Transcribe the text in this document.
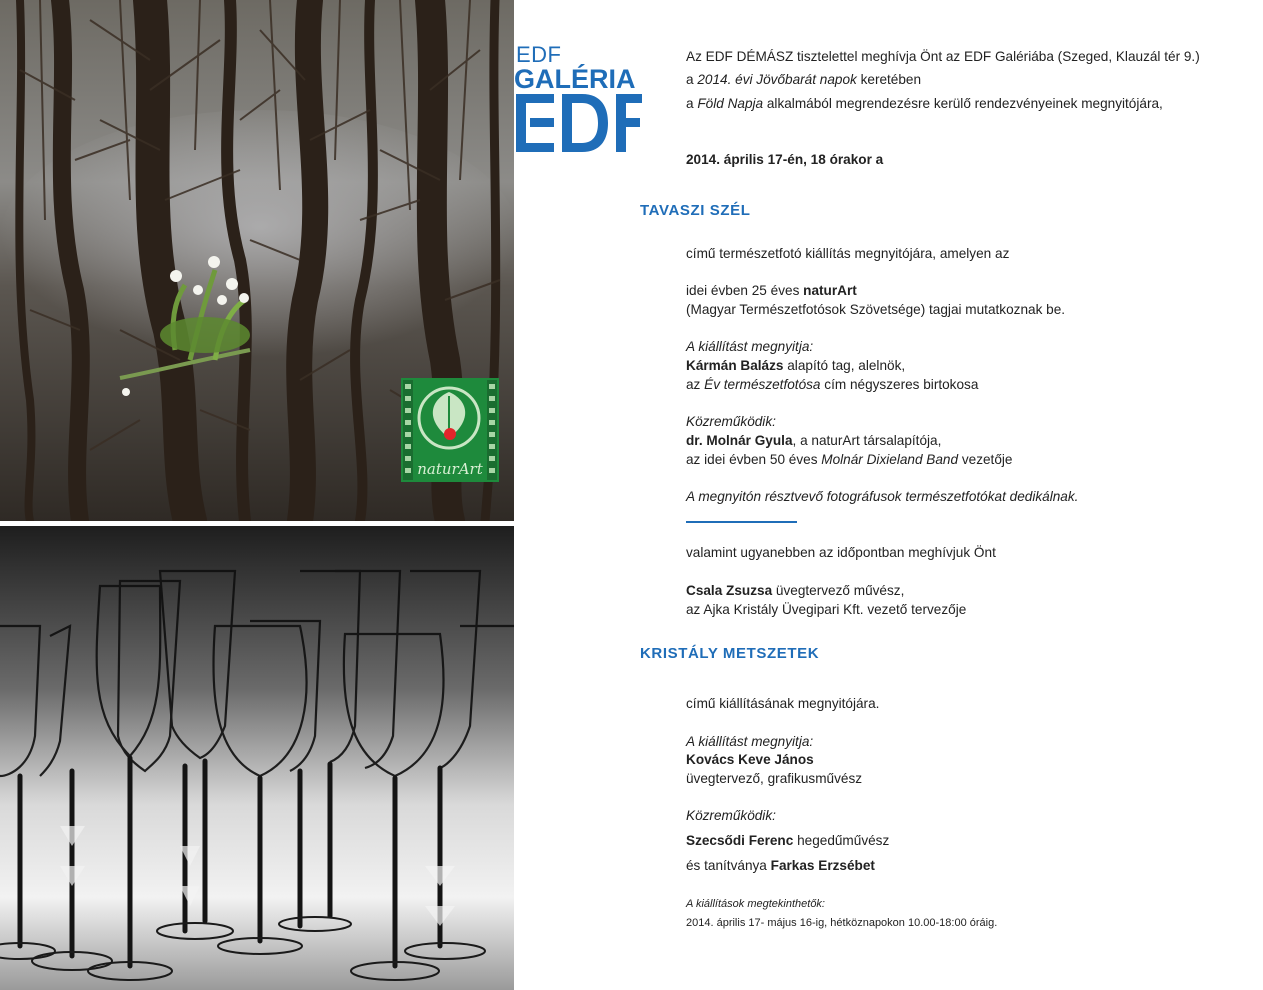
naturArt
EDF
GALÉRIA
Az EDF DÉMÁSZ tisztelettel meghívja Önt az EDF Galériába (Szeged, Klauzál tér 9.)
a 2014. évi Jövőbarát napok keretében
a Föld Napja alkalmából megrendezésre kerülő rendezvényeinek megnyitójára,
2014. április 17-én, 18 órakor a
TAVASZI SZÉL
című természetfotó kiállítás megnyitójára, amelyen az
idei évben 25 éves naturArt
(Magyar Természetfotósok Szövetsége) tagjai mutatkoznak be.
A kiállítást megnyitja:
Kármán Balázs alapító tag, alelnök,
az Év természetfotósa cím négyszeres birtokosa
Közreműködik:
dr. Molnár Gyula, a naturArt társalapítója,
az idei évben 50 éves Molnár Dixieland Band vezetője
A megnyitón résztvevő fotográfusok természetfotókat dedikálnak.
valamint ugyanebben az időpontban meghívjuk Önt
Csala Zsuzsa üvegtervező művész,
az Ajka Kristály Üvegipari Kft. vezető tervezője
KRISTÁLY METSZETEK
című kiállításának megnyitójára.
A kiállítást megnyitja:
Kovács Keve János
üvegtervező, grafikusművész
Közreműködik:
Szecsődi Ferenc hegedűművész
és tanítványa Farkas Erzsébet
A kiállítások megtekinthetők:
2014. április 17- május 16-ig, hétköznapokon 10.00-18:00 óráig.
